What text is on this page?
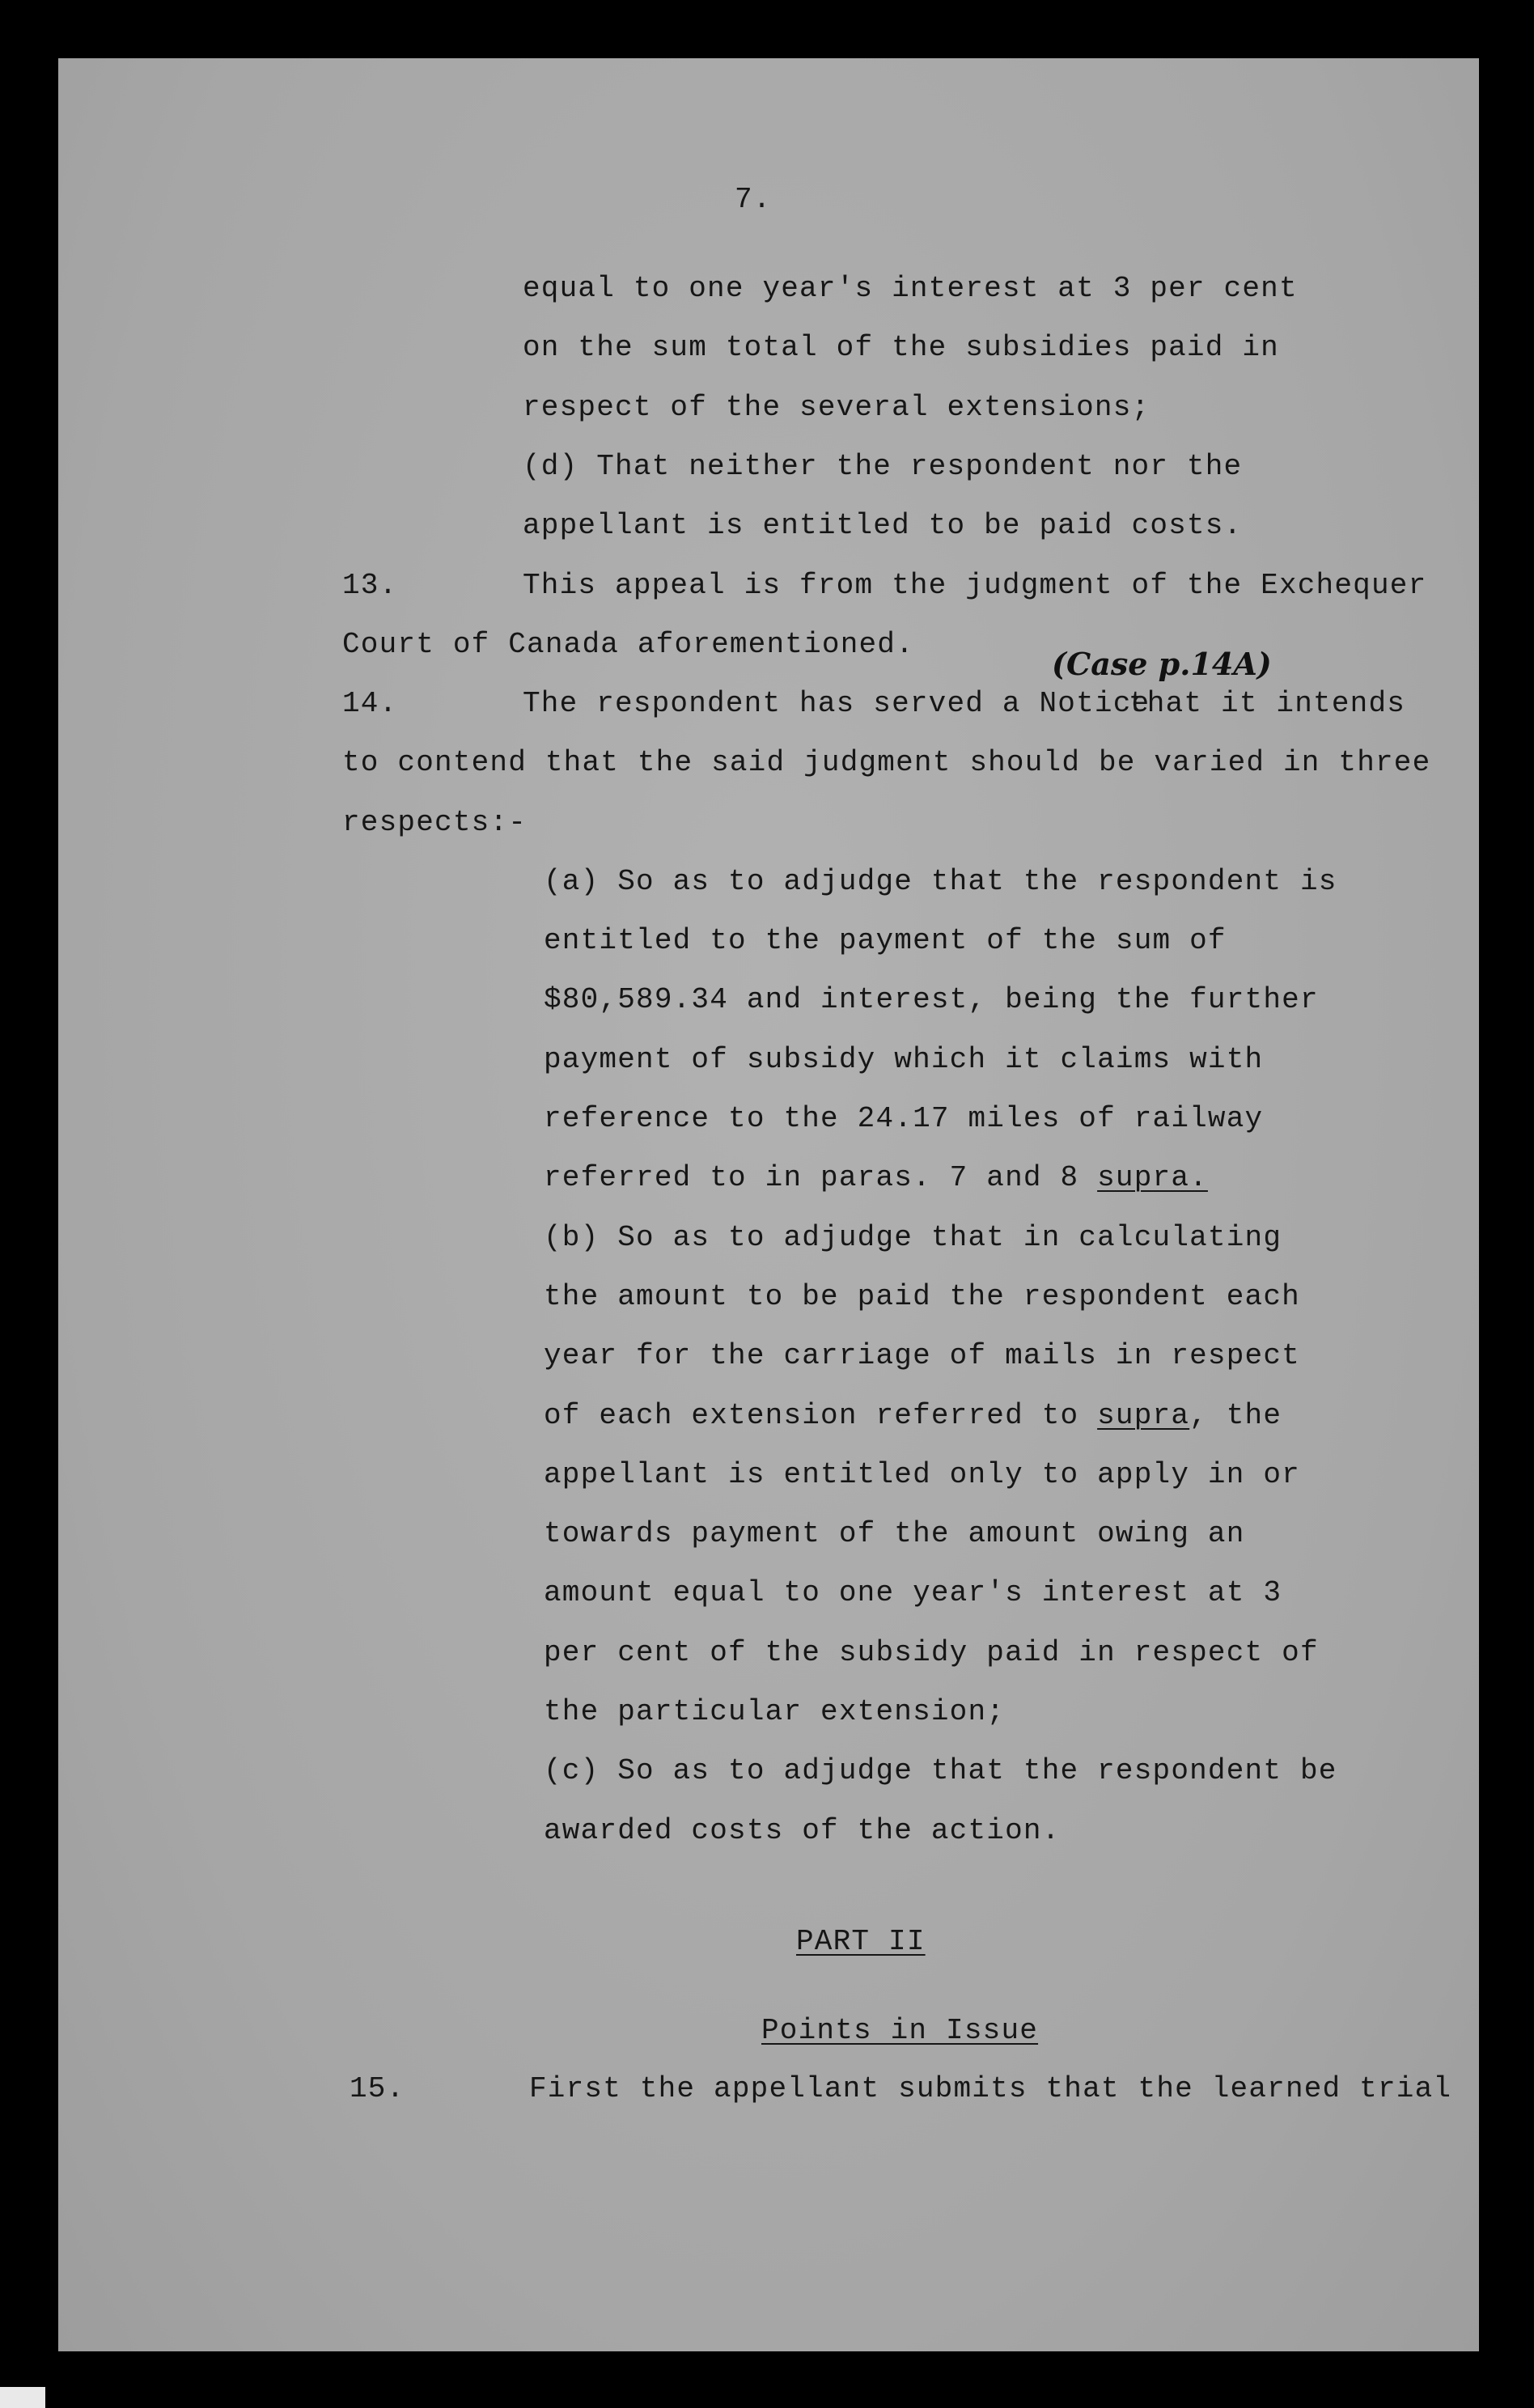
7.

equal to one year's interest at 3 per cent

on the sum total of the subsidies paid in

respect of the several extensions;

(d) That neither the respondent nor the

appellant is entitled to be paid costs.

13.	This appeal is from the judgment of the Exchequer

Court of Canada aforementioned.

(Case p.14A)

14.	The respondent has served a Notice

that it intends

to contend that the said judgment should be varied in three

respects:-

(a) So as to adjudge that the respondent is

entitled to the payment of the sum of

$80,589.34 and interest, being the further

payment of subsidy which it claims with

reference to the 24.17 miles of railway

referred to in paras. 7 and 8 supra.

(b) So as to adjudge that in calculating

the amount to be paid the respondent each

year for the carriage of mails in respect

of each extension referred to supra, the

appellant is entitled only to apply in or

towards payment of the amount owing an

amount equal to one year's interest at 3

per cent of the subsidy paid in respect of

the particular extension;

(c) So as to adjudge that the respondent be

awarded costs of the action.

PART II

Points in Issue

15.	First the appellant submits that the learned trial
